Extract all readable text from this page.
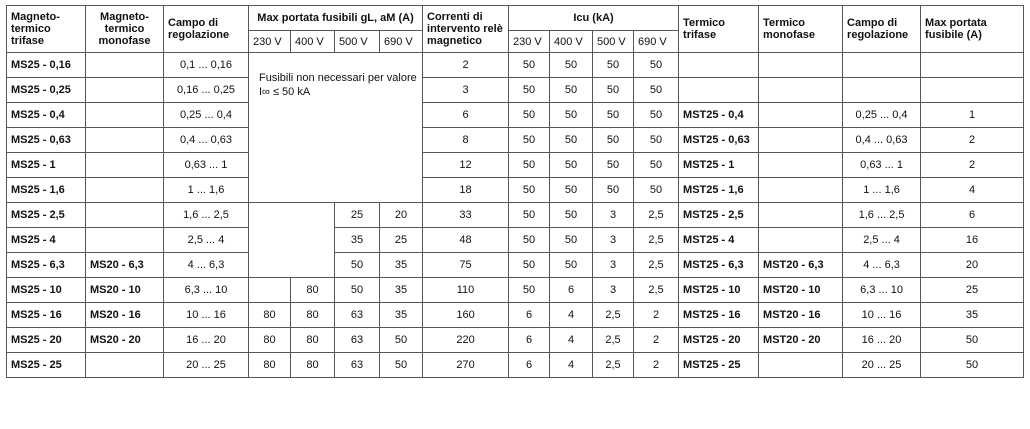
Magneto-termico trifase	Magneto-termico monofase	Campo di regolazione	Max portata fusibili gL, aM (A)				Correnti di intervento relè magnetico	Icu (kA)				Termico trifase	Termico monofase	Campo di regolazione	Max portata fusibile (A)
			230 V	400 V	500 V	690 V		230 V	400 V	500 V	690 V				
MS25 - 0,16		0,1 ... 0,16	Fusibili non necessari per valore I∞ ≤ 50 kA				2	50	50	50	50				
MS25 - 0,25		0,16 ... 0,25					3	50	50	50	50				
MS25 - 0,4		0,25 ... 0,4					6	50	50	50	50	MST25 - 0,4		0,25 ... 0,4	1
MS25 - 0,63		0,4 ... 0,63					8	50	50	50	50	MST25 - 0,63		0,4 ... 0,63	2
MS25 - 1		0,63 ... 1					12	50	50	50	50	MST25 - 1		0,63 ... 1	2
MS25 - 1,6		1 ... 1,6					18	50	50	50	50	MST25 - 1,6		1 ... 1,6	4
MS25 - 2,5		1,6 ... 2,5			25	20	33	50	50	3	2,5	MST25 - 2,5		1,6 ... 2,5	6
MS25 - 4		2,5 ... 4			35	25	48	50	50	3	2,5	MST25 - 4		2,5 ... 4	16
MS25 - 6,3	MS20 - 6,3	4 ... 6,3			50	35	75	50	50	3	2,5	MST25 - 6,3	MST20 - 6,3	4 ... 6,3	20
MS25 - 10	MS20 - 10	6,3 ... 10		80	50	35	110	50	6	3	2,5	MST25 - 10	MST20 - 10	6,3 ... 10	25
MS25 - 16	MS20 - 16	10 ... 16	80	80	63	35	160	6	4	2,5	2	MST25 - 16	MST20 - 16	10 ... 16	35
MS25 - 20	MS20 - 20	16 ... 20	80	80	63	50	220	6	4	2,5	2	MST25 - 20	MST20 - 20	16 ... 20	50
MS25 - 25		20 ... 25	80	80	63	50	270	6	4	2,5	2	MST25 - 25		20 ... 25	50
